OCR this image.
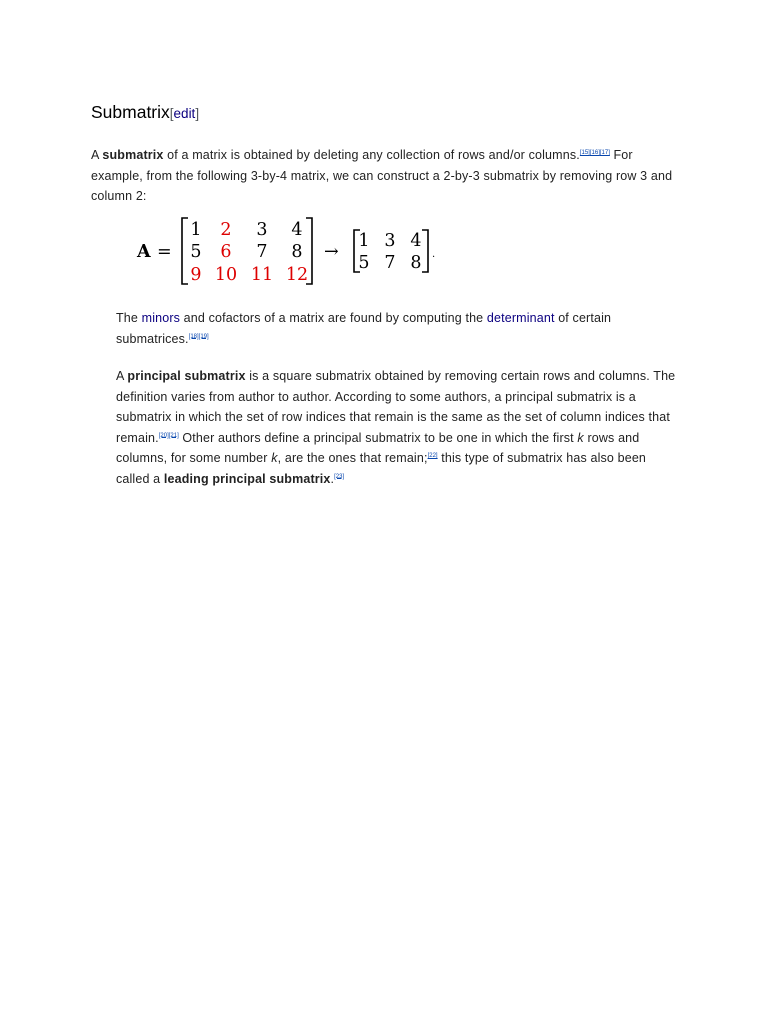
Submatrix[edit]

A submatrix of a matrix is obtained by deleting any collection of rows and/or columns.[15][16][17] For example, from the following 3-by-4 matrix, we can construct a 2-by-3 submatrix by removing row 3 and column 2:

A =
1 2 3 4
5 6 7 8
9 10 11 12
→
1 3 4
5 7 8 .

The minors and cofactors of a matrix are found by computing the determinant of certain submatrices.[18][19]

A principal submatrix is a square submatrix obtained by removing certain rows and columns. The definition varies from author to author. According to some authors, a principal submatrix is a submatrix in which the set of row indices that remain is the same as the set of column indices that remain.[20][21] Other authors define a principal submatrix to be one in which the first k rows and columns, for some number k, are the ones that remain;[22] this type of submatrix has also been called a leading principal submatrix.[23]
